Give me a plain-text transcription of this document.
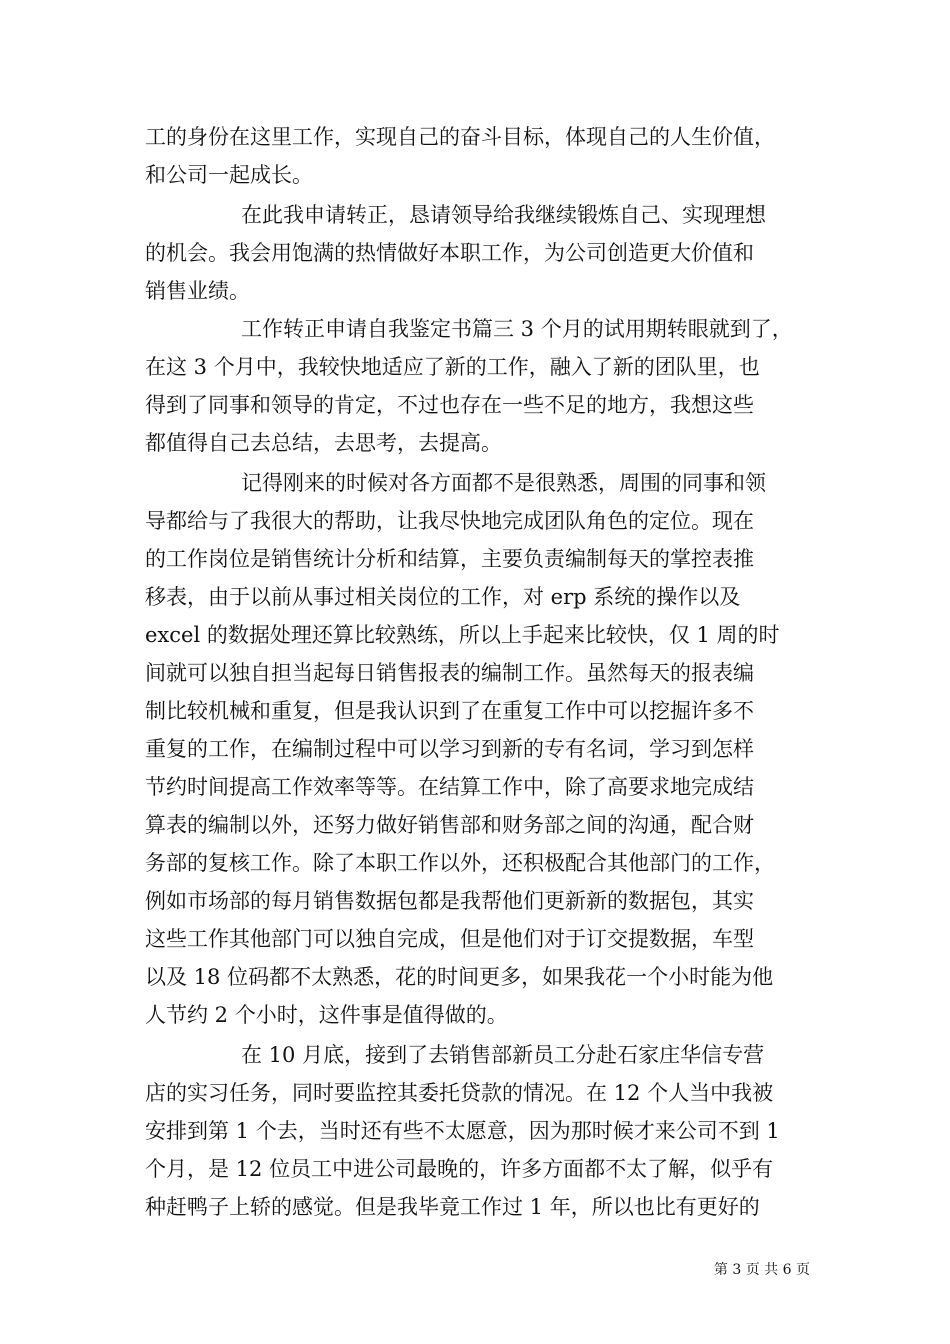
工的身份在这里工作，实现自己的奋斗目标，体现自己的人生价值，
和公司一起成长。
在此我申请转正，恳请领导给我继续锻炼自己、实现理想
的机会。我会用饱满的热情做好本职工作，为公司创造更大价值和
销售业绩。
工作转正申请自我鉴定书篇三 3 个月的试用期转眼就到了，
在这 3 个月中，我较快地适应了新的工作，融入了新的团队里，也
得到了同事和领导的肯定，不过也存在一些不足的地方，我想这些
都值得自己去总结，去思考，去提高。
记得刚来的时候对各方面都不是很熟悉，周围的同事和领
导都给与了我很大的帮助，让我尽快地完成团队角色的定位。现在
的工作岗位是销售统计分析和结算，主要负责编制每天的掌控表推
移表，由于以前从事过相关岗位的工作，对 erp 系统的操作以及
excel 的数据处理还算比较熟练，所以上手起来比较快，仅 1 周的时
间就可以独自担当起每日销售报表的编制工作。虽然每天的报表编
制比较机械和重复，但是我认识到了在重复工作中可以挖掘许多不
重复的工作，在编制过程中可以学习到新的专有名词，学习到怎样
节约时间提高工作效率等等。在结算工作中，除了高要求地完成结
算表的编制以外，还努力做好销售部和财务部之间的沟通，配合财
务部的复核工作。除了本职工作以外，还积极配合其他部门的工作，
例如市场部的每月销售数据包都是我帮他们更新新的数据包，其实
这些工作其他部门可以独自完成，但是他们对于订交提数据，车型
以及 18 位码都不太熟悉，花的时间更多，如果我花一个小时能为他
人节约 2 个小时，这件事是值得做的。
在 10 月底，接到了去销售部新员工分赴石家庄华信专营
店的实习任务，同时要监控其委托贷款的情况。在 12 个人当中我被
安排到第 1 个去，当时还有些不太愿意，因为那时候才来公司不到 1
个月，是 12 位员工中进公司最晚的，许多方面都不太了解，似乎有
种赶鸭子上轿的感觉。但是我毕竟工作过 1 年，所以也比有更好的
第 3 页 共 6 页
